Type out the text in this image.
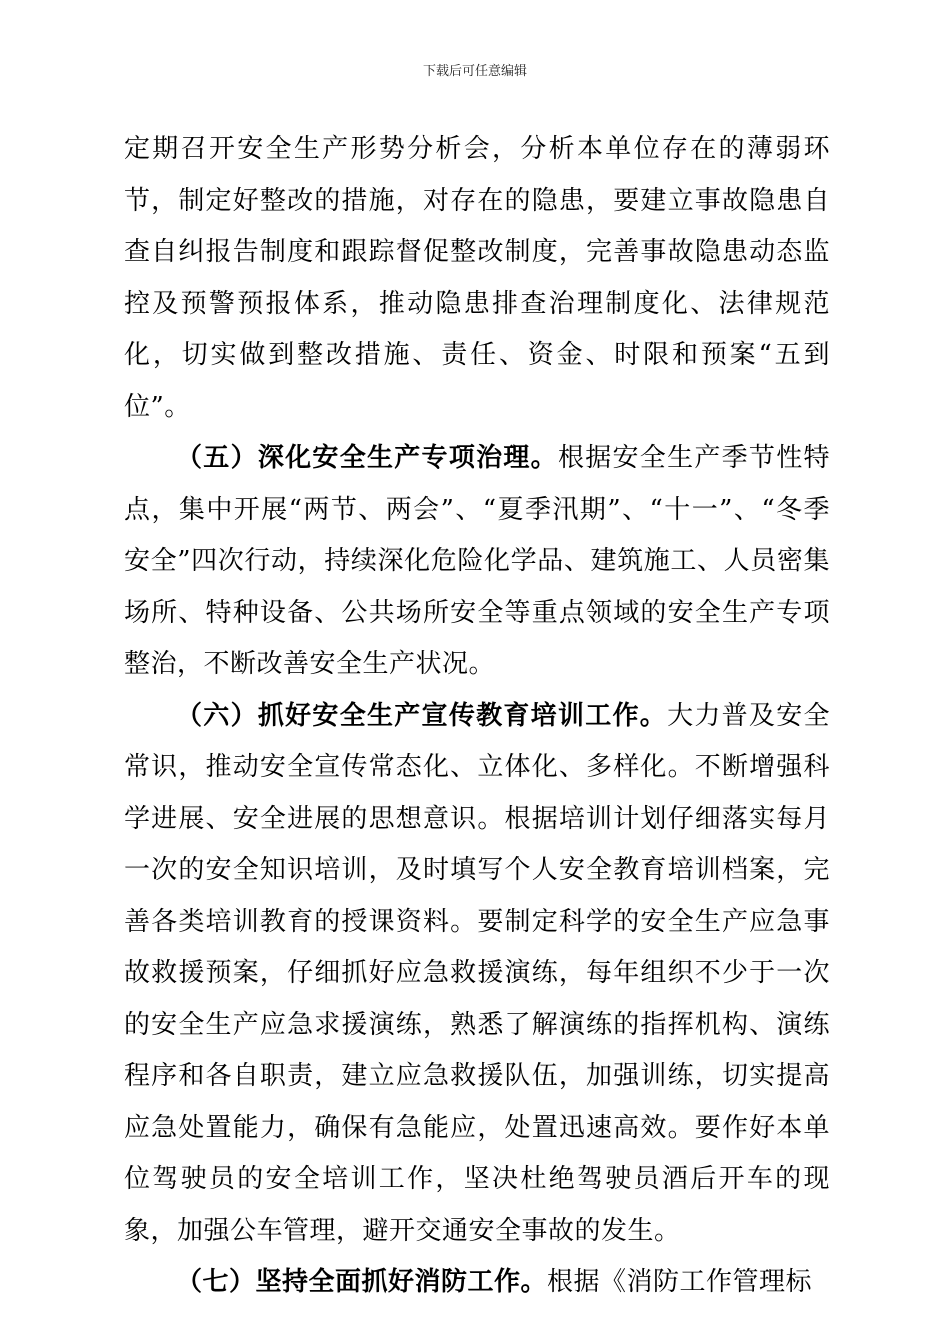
下载后可任意编辑

定期召开安全生产形势分析会，分析本单位存在的薄弱环节，制定好整改的措施，对存在的隐患，要建立事故隐患自查自纠报告制度和跟踪督促整改制度，完善事故隐患动态监控及预警预报体系，推动隐患排查治理制度化、法律规范化，切实做到整改措施、责任、资金、时限和预案“五到位”。

（五）深化安全生产专项治理。根据安全生产季节性特点，集中开展“两节、两会”、“夏季汛期”、“十一”、“冬季安全”四次行动，持续深化危险化学品、建筑施工、人员密集场所、特种设备、公共场所安全等重点领域的安全生产专项整治，不断改善安全生产状况。

（六）抓好安全生产宣传教育培训工作。大力普及安全常识，推动安全宣传常态化、立体化、多样化。不断增强科学进展、安全进展的思想意识。根据培训计划仔细落实每月一次的安全知识培训，及时填写个人安全教育培训档案，完善各类培训教育的授课资料。要制定科学的安全生产应急事故救援预案，仔细抓好应急救援演练，每年组织不少于一次的安全生产应急求援演练，熟悉了解演练的指挥机构、演练程序和各自职责，建立应急救援队伍，加强训练，切实提高应急处置能力，确保有急能应，处置迅速高效。要作好本单位驾驶员的安全培训工作，坚决杜绝驾驶员酒后开车的现象，加强公车管理，避开交通安全事故的发生。

（七）坚持全面抓好消防工作。根据《消防工作管理标
